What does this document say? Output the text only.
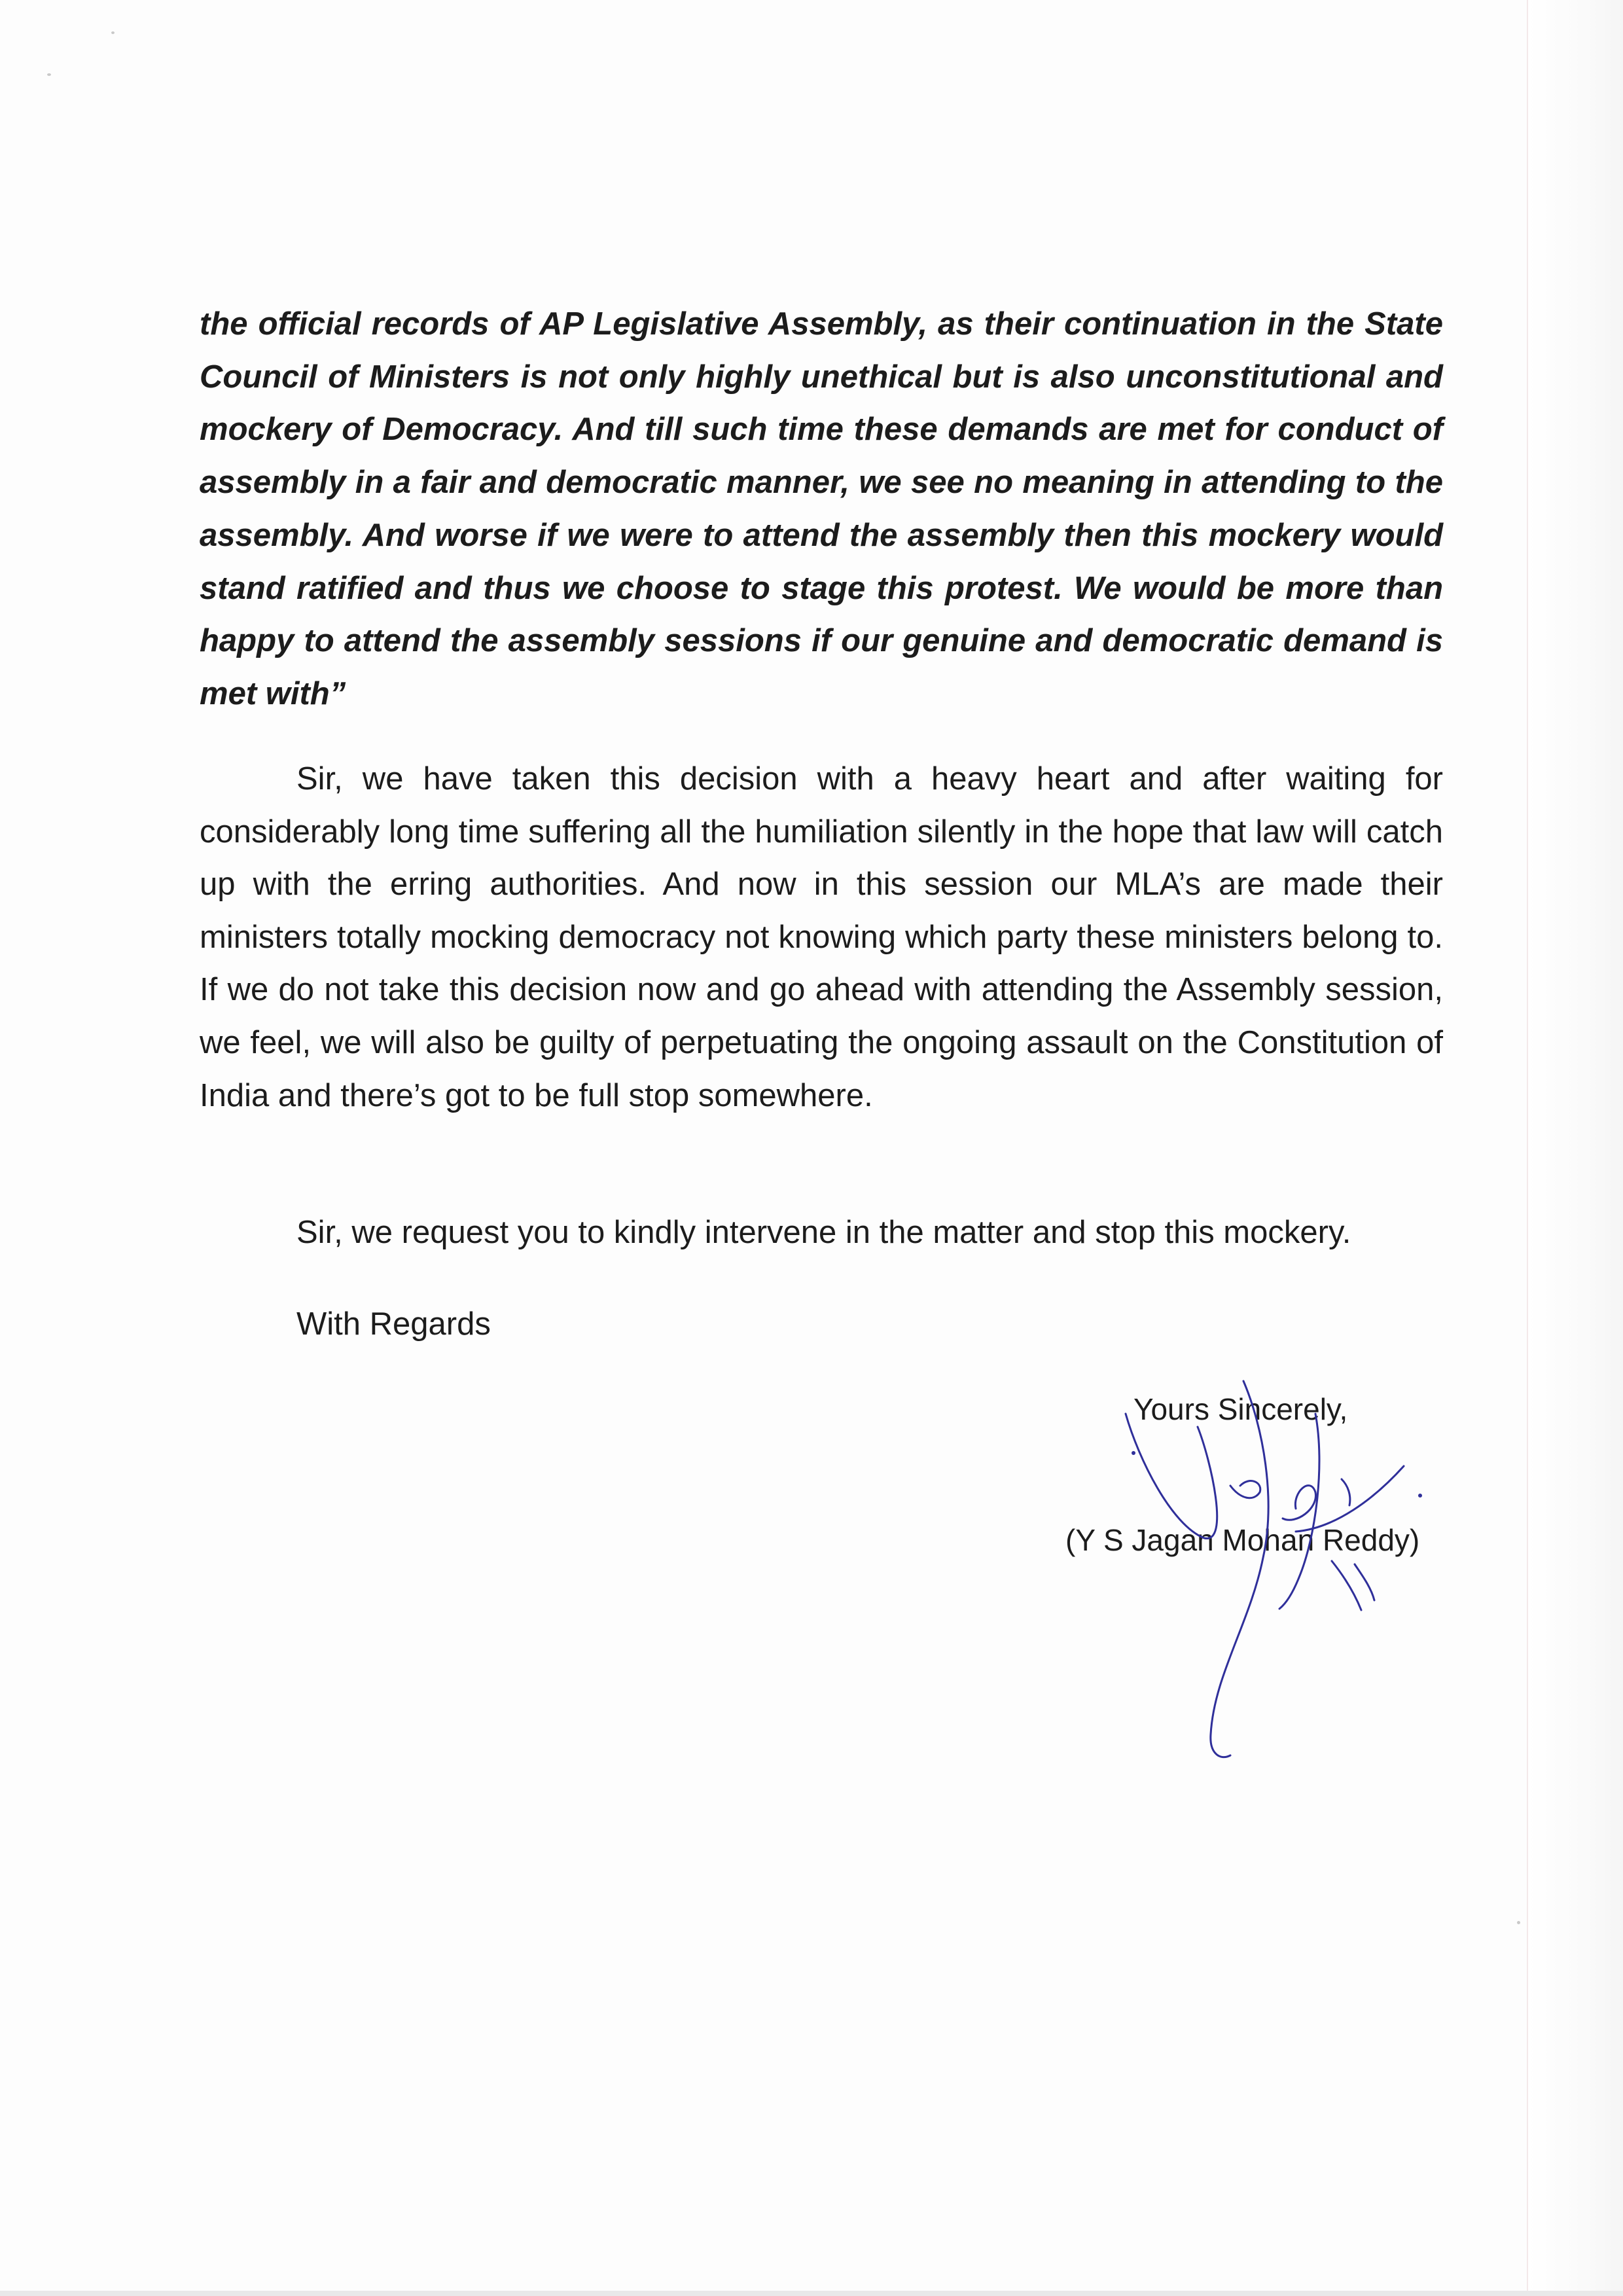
the official records of AP Legislative Assembly, as their continuation in the State Council of Ministers is not only highly unethical but is also unconstitutional and mockery of Democracy. And till such time these demands are met for conduct of assembly in a fair and democratic manner, we see no meaning in attending to the assembly. And worse if we were to attend the assembly then this mockery would stand ratified and thus we choose to stage this protest. We would be more than happy to attend the assembly sessions if our genuine and democratic demand is met with”

Sir, we have taken this decision with a heavy heart and after waiting for considerably long time suffering all the humiliation silently in the hope that law will catch up with the erring authorities. And now in this session our MLA’s are made their ministers totally mocking democracy not knowing which party these ministers belong to. If we do not take this decision now and go ahead with attending the Assembly session, we feel, we will also be guilty of perpetuating the ongoing assault on the Constitution of India and there’s got to be full stop somewhere.

Sir, we request you to kindly intervene in the matter and stop this mockery.

With Regards

Yours Sincerely,
(Y S Jagan Mohan Reddy)
